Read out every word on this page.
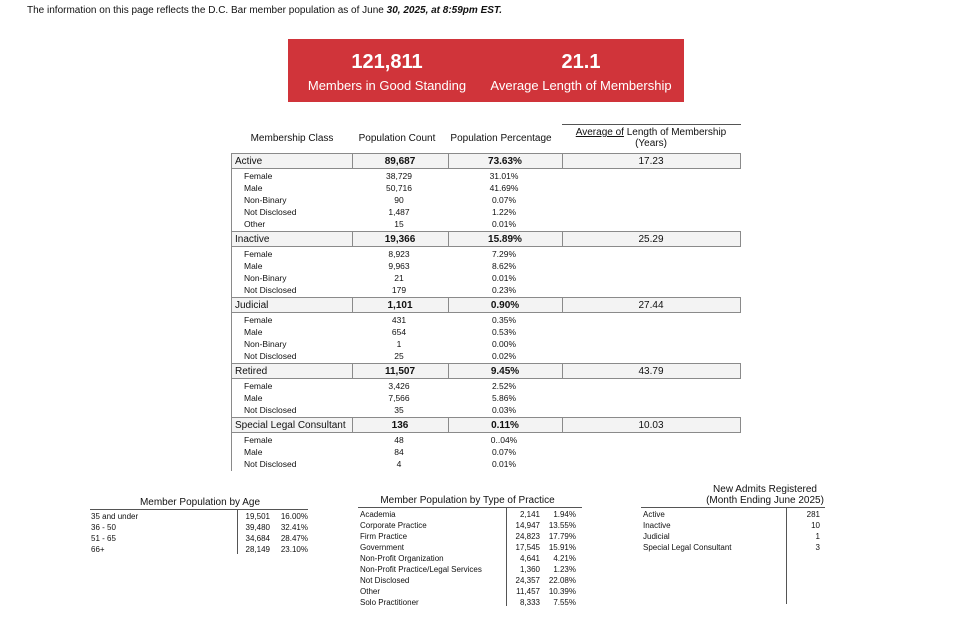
The information on this page reflects the D.C. Bar member population as of June 30, 2025, at 8:59pm EST.
121,811
Members in Good Standing
21.1
Average Length of Membership
Membership Class	Population Count	Population Percentage
Average of Length of Membership
(Years)
Active	89,687	73.63%	17.23
Female	38,729	31.01%
Male	50,716	41.69%
Non-Binary	90	0.07%
Not Disclosed	1,487	1.22%
Other	15	0.01%
Inactive	19,366	15.89%	25.29
Female	8,923	7.29%
Male	9,963	8.62%
Non-Binary	21	0.01%
Not Disclosed	179	0.23%
Judicial	1,101	0.90%	27.44
Female	431	0.35%
Male	654	0.53%
Non-Binary	1	0.00%
Not Disclosed	25	0.02%
Retired	11,507	9.45%	43.79
Female	3,426	2.52%
Male	7,566	5.86%
Not Disclosed	35	0.03%
Special Legal Consultant	136	0.11%	10.03
Female	48	0..04%
Male	84	0.07%
Not Disclosed	4	0.01%
Member Population by Age
35 and under	19,501	16.00%
36 - 50	39,480	32.41%
51 - 65	34,684	28.47%
66+	28,149	23.10%
Member Population by Type of Practice
Academia	2,141	1.94%
Corporate Practice	14,947	13.55%
Firm Practice	24,823	17.79%
Government	17,545	15.91%
Non-Profit Organization	4,641	4.21%
Non-Profit Practice/Legal Services	1,360	1.23%
Not Disclosed	24,357	22.08%
Other	11,457	10.39%
Solo Practitioner	8,333	7.55%
New Admits Registered
(Month Ending June 2025)
Active	281
Inactive	10
Judicial	1
Special Legal Consultant	3
